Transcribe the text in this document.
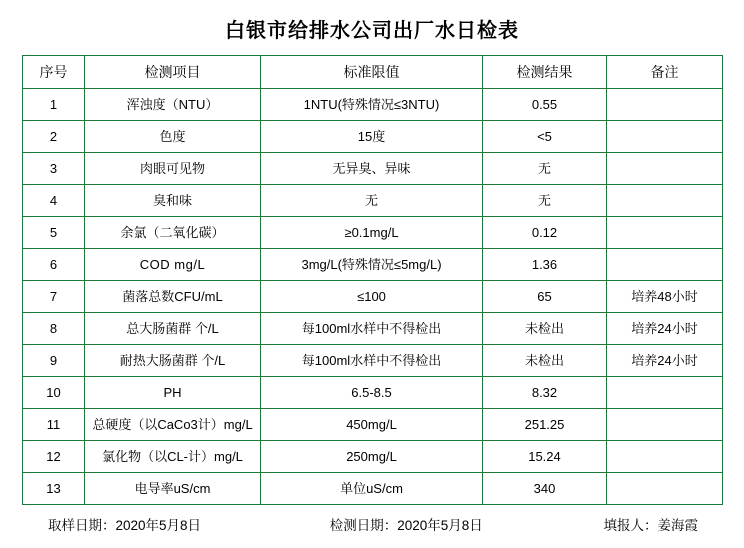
白银市给排水公司出厂水日检表
序号	检测项目	标准限值	检测结果	备注
1	浑浊度（NTU）	1NTU(特殊情况≤3NTU)	0.55	
2	色度	15度	<5	
3	肉眼可见物	无异臭、异味	无	
4	臭和味	无	无	
5	余氯（二氧化碳）	≥0.1mg/L	0.12	
6	COD mg/L	3mg/L(特殊情况≤5mg/L)	1.36	
7	菌落总数CFU/mL	≤100	65	培养48小时
8	总大肠菌群 个/L	每100ml水样中不得检出	未检出	培养24小时
9	耐热大肠菌群 个/L	每100ml水样中不得检出	未检出	培养24小时
10	PH	6.5-8.5	8.32	
11	总硬度（以CaCo3计）mg/L	450mg/L	251.25	
12	氯化物（以CL-计）mg/L	250mg/L	15.24	
13	电导率uS/cm	单位uS/cm	340	
取样日期：2020年5月8日	检测日期：2020年5月8日	填报人：姜海霞
